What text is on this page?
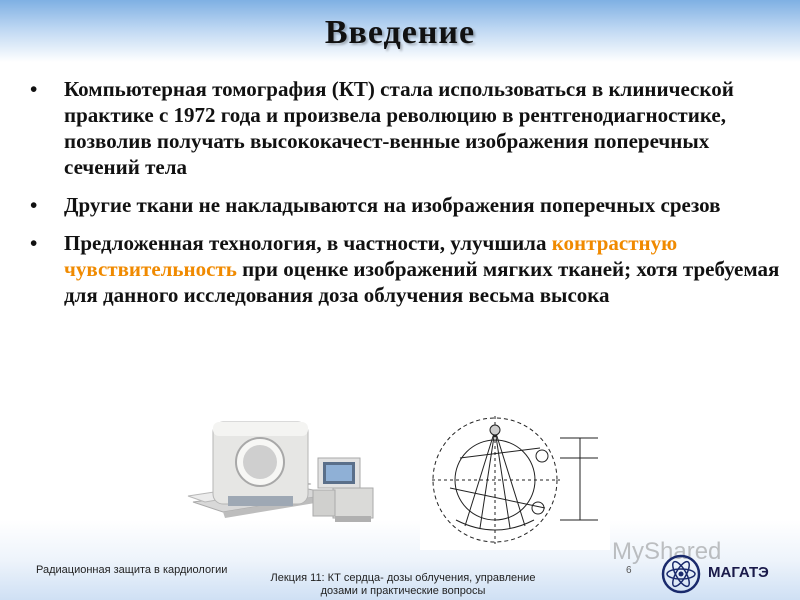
Введение
• Компьютерная томография (КТ) стала использоваться в клинической практике с 1972 года и произвела революцию в рентгенодиагностике, позволив получать высококачест-венные изображения поперечных сечений тела
• Другие ткани не накладываются на изображения поперечных срезов
• Предложенная технология, в частности, улучшила контрастную чувствительность при оценке изображений мягких тканей; хотя требуемая для данного исследования доза облучения весьма высока
Радиационная защита в кардиологии
Лекция 11: КТ сердца- дозы облучения, управление дозами и практические вопросы
MyShared
6	МАГАТЭ
